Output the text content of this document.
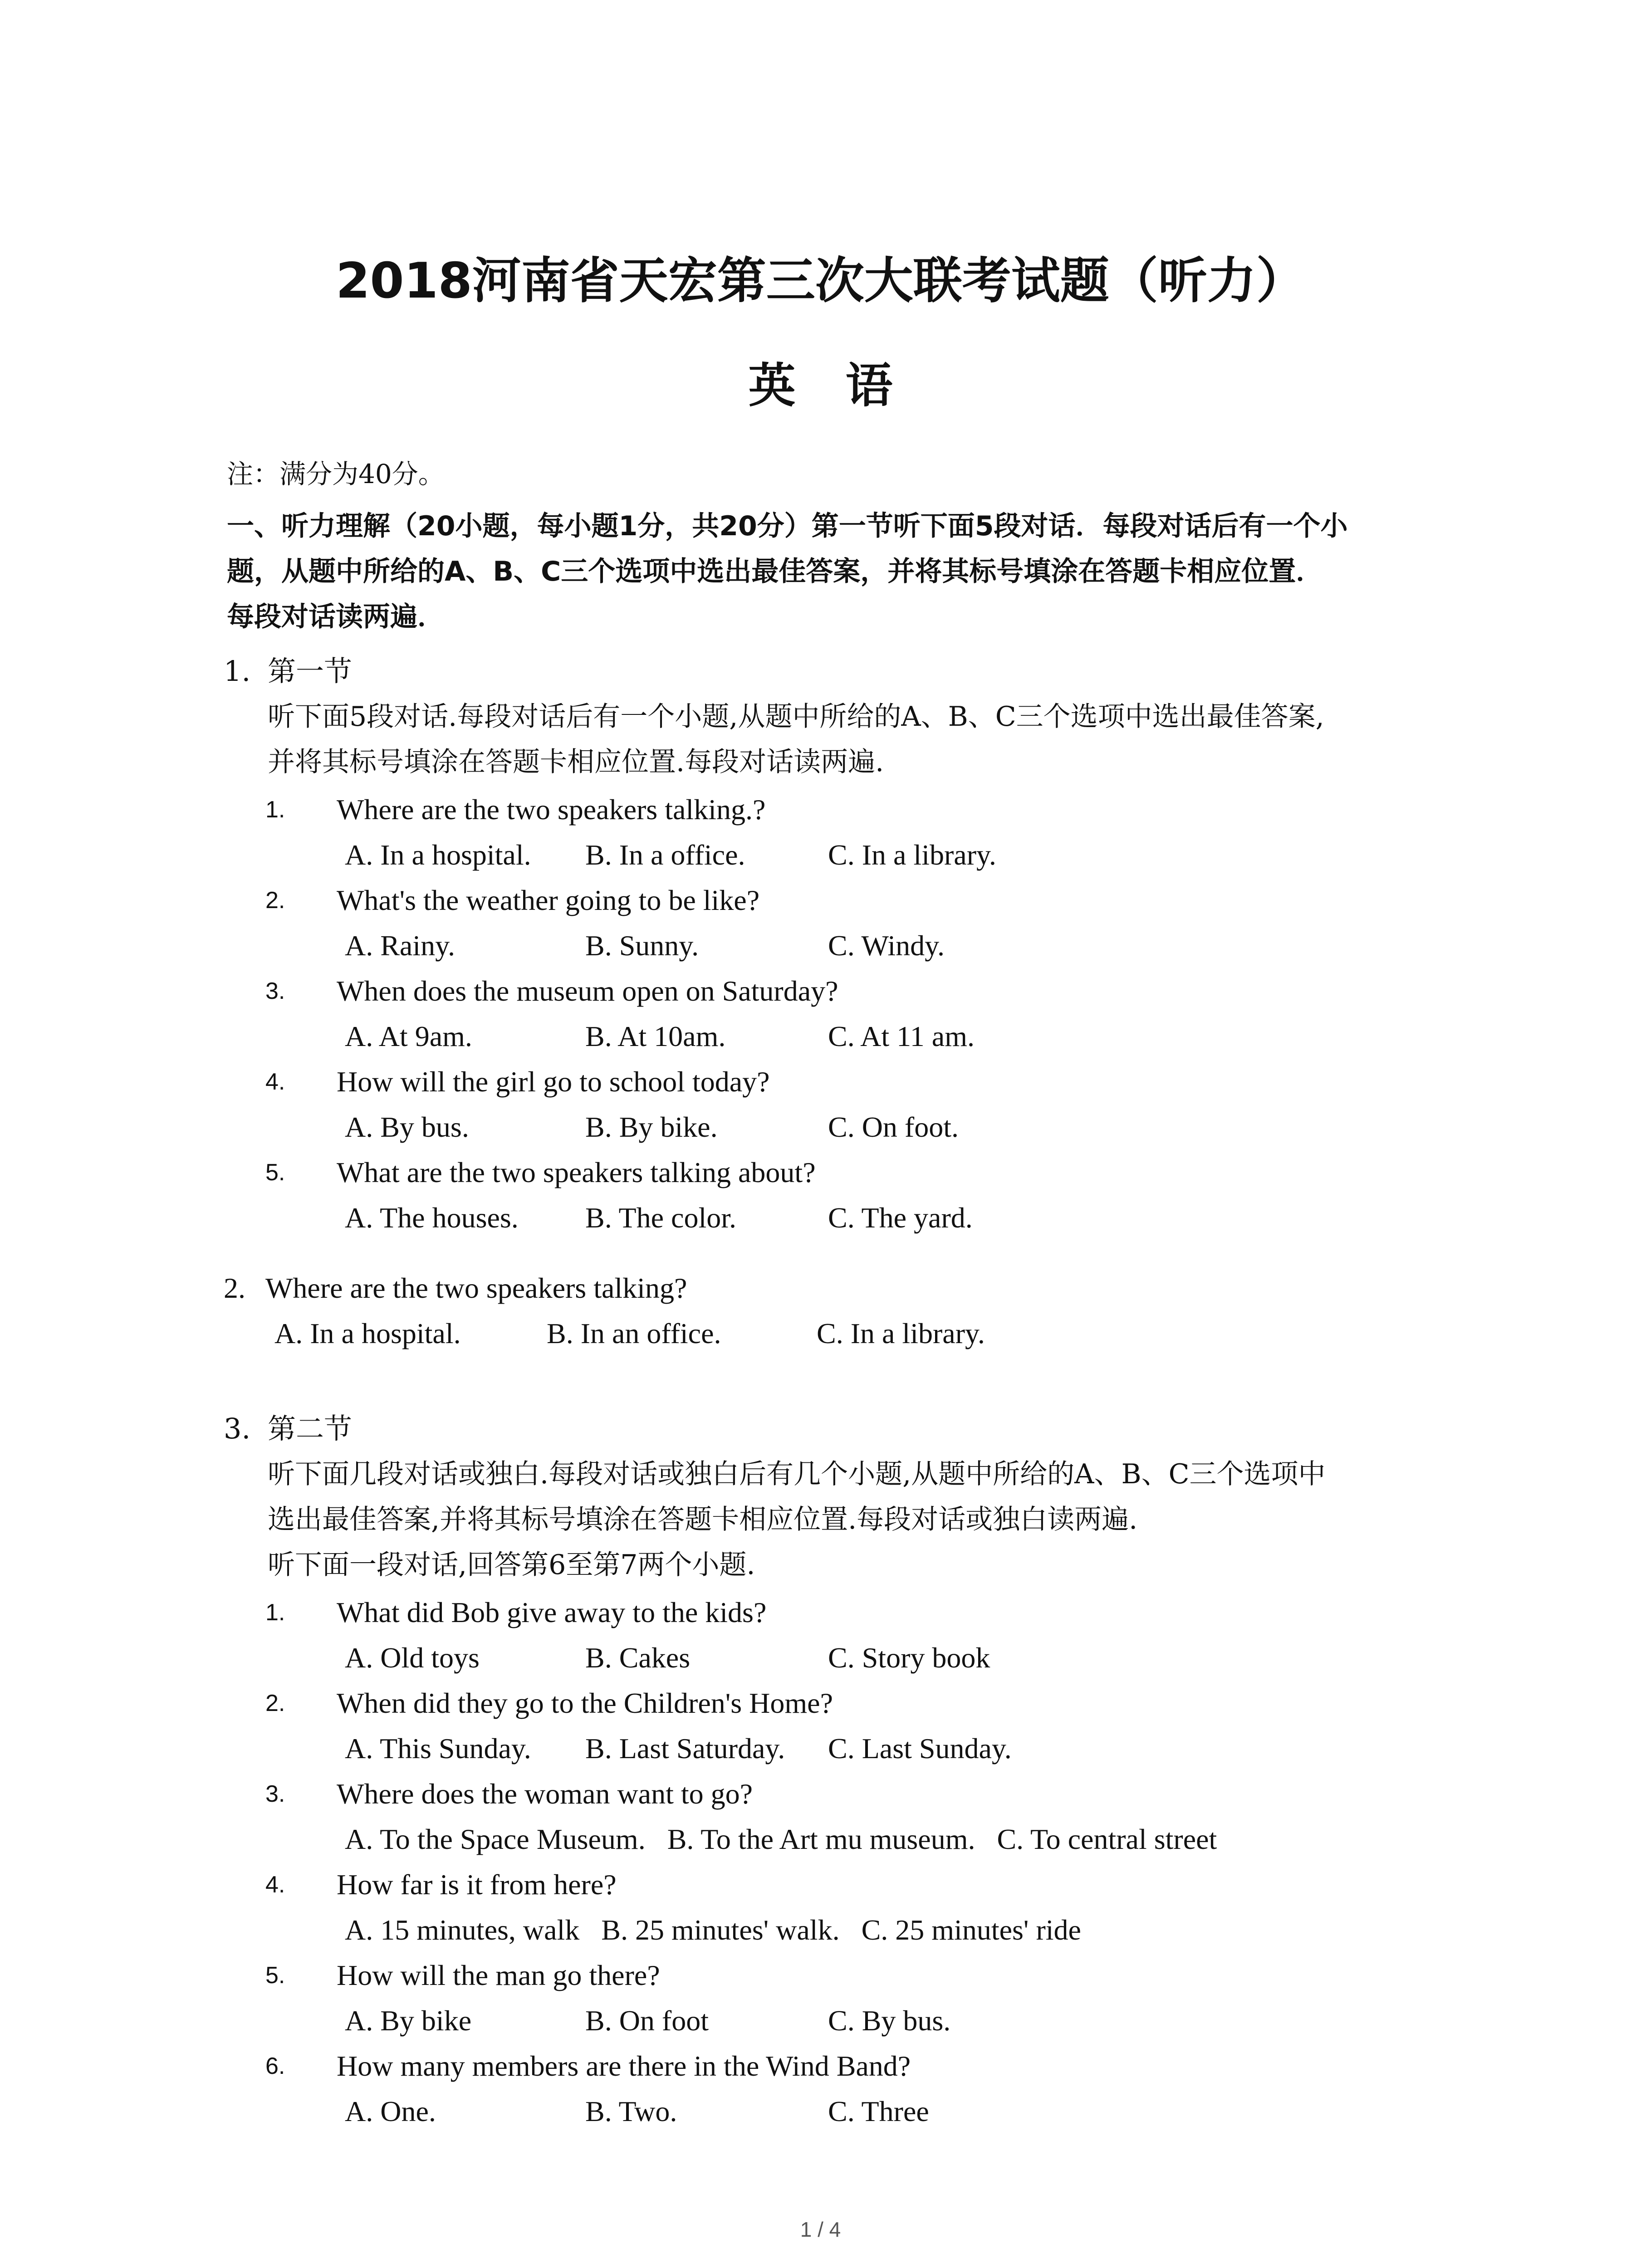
2018河南省天宏第三次大联考试题（听力）
英语
注：满分为40分。
一、听力理解（20小题，每小题1分，共20分）第一节听下面5段对话．每段对话后有一个小
题，从题中所给的A、B、C三个选项中选出最佳答案，并将其标号填涂在答题卡相应位置．
每段对话读两遍．
1. 第一节
听下面5段对话.每段对话后有一个小题,从题中所给的A、B、C三个选项中选出最佳答案,
并将其标号填涂在答题卡相应位置.每段对话读两遍.
1. Where are the two speakers talking.?
A. In a hospital. B. In a office.	C. In a library.
2. What's the weather going to be like?
A. Rainy.	B. Sunny.	C. Windy.
3. When does the museum open on Saturday?
A. At 9am.	B. At 10am.	C. At 11 am.
4. How will the girl go to school today?
A. By bus.	B. By bike.	C. On foot.
5. What are the two speakers talking about?
A. The houses. B. The color.	C. The yard.
2. Where are the two speakers talking?
A. In a hospital.	B. In an office.	C. In a library.
3. 第二节
听下面几段对话或独白.每段对话或独白后有几个小题,从题中所给的A、B、C三个选项中
选出最佳答案,并将其标号填涂在答题卡相应位置.每段对话或独白读两遍.
听下面一段对话,回答第6至第7两个小题.
1. What did Bob give away to the kids?
A. Old toys	B. Cakes	C. Story book
2. When did they go to the Children's Home?
A. This Sunday. B. Last Saturday. C. Last Sunday.
3. Where does the woman want to go?
A. To the Space Museum.   B. To the Art mu museum.   C. To central street
4. How far is it from here?
A. 15 minutes, walk   B. 25 minutes' walk.   C. 25 minutes' ride
5. How will the man go there?
A. By bike	B. On foot	C. By bus.
6. How many members are there in the Wind Band?
A. One.	B. Two.	C. Three
1 / 4
